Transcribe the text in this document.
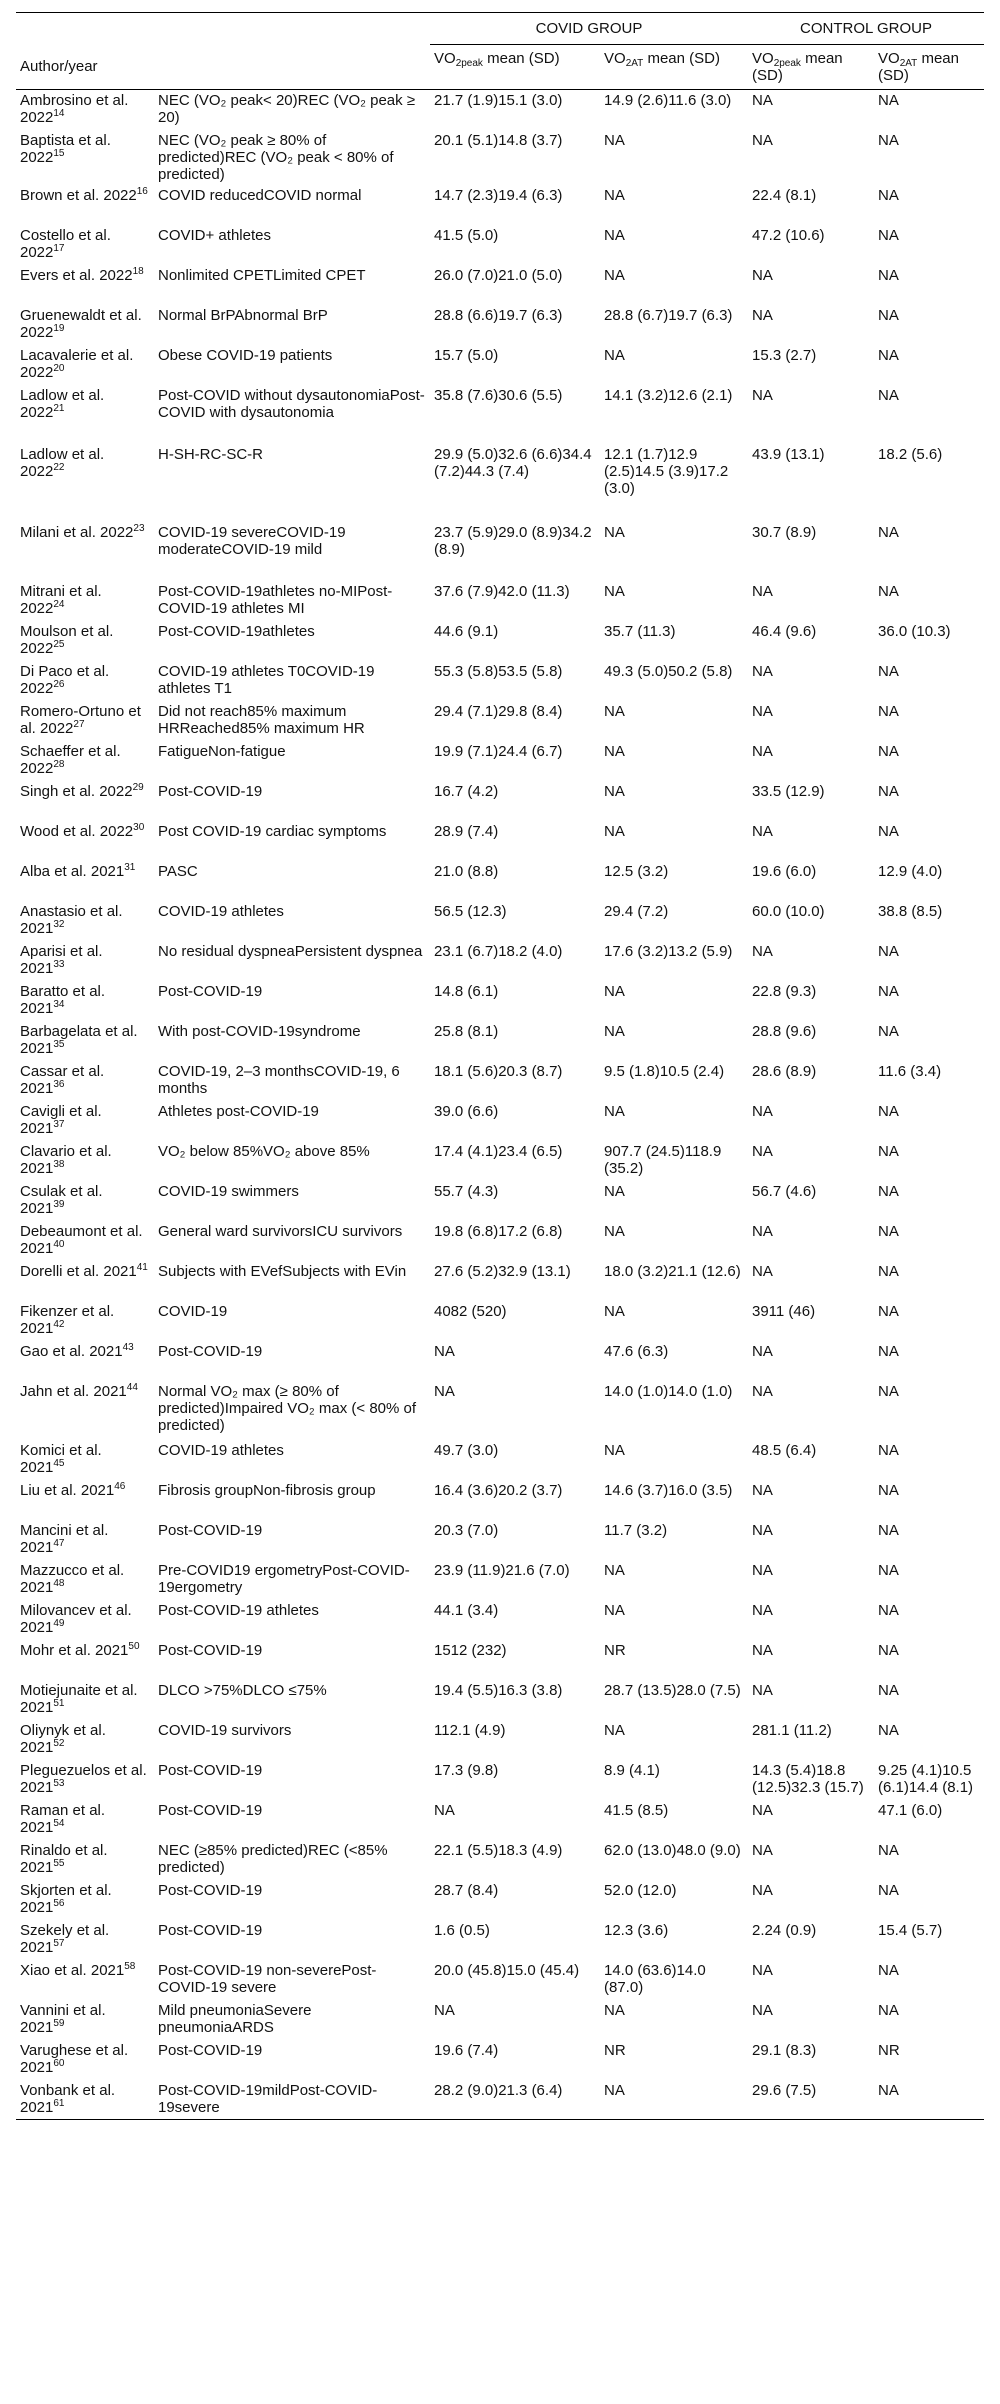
		COVID GROUP		CONTROL GROUP	
Author/year		$VO_{2peak}$ mean (SD)	$VO_{2AT}$ mean (SD)	$VO_{2peak}$ mean (SD)	$VO_{2AT}$ mean (SD)
Ambrosino et al. 2022$^{14}$	NEC (VO₂ peak< 20)REC (VO₂ peak ≥ 20)	21.7 (1.9)15.1 (3.0)	14.9 (2.6)11.6 (3.0)	NA	NA
Baptista et al. 2022$^{15}$	NEC (VO₂ peak ≥ 80% of predicted)REC (VO₂ peak < 80% of predicted)	20.1 (5.1)14.8 (3.7)	NA	NA	NA
Brown et al. 2022$^{16}$	COVID reducedCOVID normal	14.7 (2.3)19.4 (6.3)	NA	22.4 (8.1)	NA
Costello et al. 2022$^{17}$	COVID+ athletes	41.5 (5.0)	NA	47.2 (10.6)	NA
Evers et al. 2022$^{18}$	Nonlimited CPETLimited CPET	26.0 (7.0)21.0 (5.0)	NA	NA	NA
Gruenewaldt et al. 2022$^{19}$	Normal BrPAbnormal BrP	28.8 (6.6)19.7 (6.3)	28.8 (6.7)19.7 (6.3)	NA	NA
Lacavalerie et al. 2022$^{20}$	Obese COVID-19 patients	15.7 (5.0)	NA	15.3 (2.7)	NA
Ladlow et al. 2022$^{21}$	Post-COVID without dysautonomiaPost-COVID with dysautonomia	35.8 (7.6)30.6 (5.5)	14.1 (3.2)12.6 (2.1)	NA	NA
Ladlow et al. 2022$^{22}$	H-SH-RC-SC-R	29.9 (5.0)32.6 (6.6)34.4 (7.2)44.3 (7.4)	12.1 (1.7)12.9 (2.5)14.5 (3.9)17.2 (3.0)	43.9 (13.1)	18.2 (5.6)
Milani et al. 2022$^{23}$	COVID-19 severeCOVID-19 moderateCOVID-19 mild	23.7 (5.9)29.0 (8.9)34.2 (8.9)	NA	30.7 (8.9)	NA
Mitrani et al. 2022$^{24}$	Post-COVID-19athletes no-MIPost-COVID-19 athletes MI	37.6 (7.9)42.0 (11.3)	NA	NA	NA
Moulson et al. 2022$^{25}$	Post-COVID-19athletes	44.6 (9.1)	35.7 (11.3)	46.4 (9.6)	36.0 (10.3)
Di Paco et al. 2022$^{26}$	COVID-19 athletes T0COVID-19 athletes T1	55.3 (5.8)53.5 (5.8)	49.3 (5.0)50.2 (5.8)	NA	NA
Romero-Ortuno et al. 2022$^{27}$	Did not reach85% maximum HRReached85% maximum HR	29.4 (7.1)29.8 (8.4)	NA	NA	NA
Schaeffer et al. 2022$^{28}$	FatigueNon-fatigue	19.9 (7.1)24.4 (6.7)	NA	NA	NA
Singh et al. 2022$^{29}$	Post-COVID-19	16.7 (4.2)	NA	33.5 (12.9)	NA
Wood et al. 2022$^{30}$	Post COVID-19 cardiac symptoms	28.9 (7.4)	NA	NA	NA
Alba et al. 2021$^{31}$	PASC	21.0 (8.8)	12.5 (3.2)	19.6 (6.0)	12.9 (4.0)
Anastasio et al. 2021$^{32}$	COVID-19 athletes	56.5 (12.3)	29.4 (7.2)	60.0 (10.0)	38.8 (8.5)
Aparisi et al. 2021$^{33}$	No residual dyspneaPersistent dyspnea	23.1 (6.7)18.2 (4.0)	17.6 (3.2)13.2 (5.9)	NA	NA
Baratto et al. 2021$^{34}$	Post-COVID-19	14.8 (6.1)	NA	22.8 (9.3)	NA
Barbagelata et al. 2021$^{35}$	With post-COVID-19syndrome	25.8 (8.1)	NA	28.8 (9.6)	NA
Cassar et al. 2021$^{36}$	COVID-19, 2–3 monthsCOVID-19, 6 months	18.1 (5.6)20.3 (8.7)	9.5 (1.8)10.5 (2.4)	28.6 (8.9)	11.6 (3.4)
Cavigli et al. 2021$^{37}$	Athletes post-COVID-19	39.0 (6.6)	NA	NA	NA
Clavario et al. 2021$^{38}$	VO₂ below 85%VO₂ above 85%	17.4 (4.1)23.4 (6.5)	907.7 (24.5)118.9 (35.2)	NA	NA
Csulak et al. 2021$^{39}$	COVID-19 swimmers	55.7 (4.3)	NA	56.7 (4.6)	NA
Debeaumont et al. 2021$^{40}$	General ward survivorsICU survivors	19.8 (6.8)17.2 (6.8)	NA	NA	NA
Dorelli et al. 2021$^{41}$	Subjects with EVefSubjects with EVin	27.6 (5.2)32.9 (13.1)	18.0 (3.2)21.1 (12.6)	NA	NA
Fikenzer et al. 2021$^{42}$	COVID-19	4082 (520)	NA	3911 (46)	NA
Gao et al. 2021$^{43}$	Post-COVID-19	NA	47.6 (6.3)	NA	NA
Jahn et al. 2021$^{44}$	Normal VO₂ max (≥ 80% of predicted)Impaired VO₂ max (< 80% of predicted)	NA	14.0 (1.0)14.0 (1.0)	NA	NA
Komici et al. 2021$^{45}$	COVID-19 athletes	49.7 (3.0)	NA	48.5 (6.4)	NA
Liu et al. 2021$^{46}$	Fibrosis groupNon-fibrosis group	16.4 (3.6)20.2 (3.7)	14.6 (3.7)16.0 (3.5)	NA	NA
Mancini et al. 2021$^{47}$	Post-COVID-19	20.3 (7.0)	11.7 (3.2)	NA	NA
Mazzucco et al. 2021$^{48}$	Pre-COVID19 ergometryPost-COVID-19ergometry	23.9 (11.9)21.6 (7.0)	NA	NA	NA
Milovancev et al. 2021$^{49}$	Post-COVID-19 athletes	44.1 (3.4)	NA	NA	NA
Mohr et al. 2021$^{50}$	Post-COVID-19	1512 (232)	NR	NA	NA
Motiejunaite et al. 2021$^{51}$	DLCO >75%DLCO ≤75%	19.4 (5.5)16.3 (3.8)	28.7 (13.5)28.0 (7.5)	NA	NA
Oliynyk et al. 2021$^{52}$	COVID-19 survivors	112.1 (4.9)	NA	281.1 (11.2)	NA
Pleguezuelos et al. 2021$^{53}$	Post-COVID-19	17.3 (9.8)	8.9 (4.1)	14.3 (5.4)18.8 (12.5)32.3 (15.7)	9.25 (4.1)10.5 (6.1)14.4 (8.1)
Raman et al. 2021$^{54}$	Post-COVID-19	NA	41.5 (8.5)	NA	47.1 (6.0)
Rinaldo et al. 2021$^{55}$	NEC (≥85% predicted)REC (<85% predicted)	22.1 (5.5)18.3 (4.9)	62.0 (13.0)48.0 (9.0)	NA	NA
Skjorten et al. 2021$^{56}$	Post-COVID-19	28.7 (8.4)	52.0 (12.0)	NA	NA
Szekely et al. 2021$^{57}$	Post-COVID-19	1.6 (0.5)	12.3 (3.6)	2.24 (0.9)	15.4 (5.7)
Xiao et al. 2021$^{58}$	Post-COVID-19 non-severePost-COVID-19 severe	20.0 (45.8)15.0 (45.4)	14.0 (63.6)14.0 (87.0)	NA	NA
Vannini et al. 2021$^{59}$	Mild pneumoniaSevere pneumoniaARDS	NA	NA	NA	NA
Varughese et al. 2021$^{60}$	Post-COVID-19	19.6 (7.4)	NR	29.1 (8.3)	NR
Vonbank et al. 2021$^{61}$	Post-COVID-19mildPost-COVID-19severe	28.2 (9.0)21.3 (6.4)	NA	29.6 (7.5)	NA
